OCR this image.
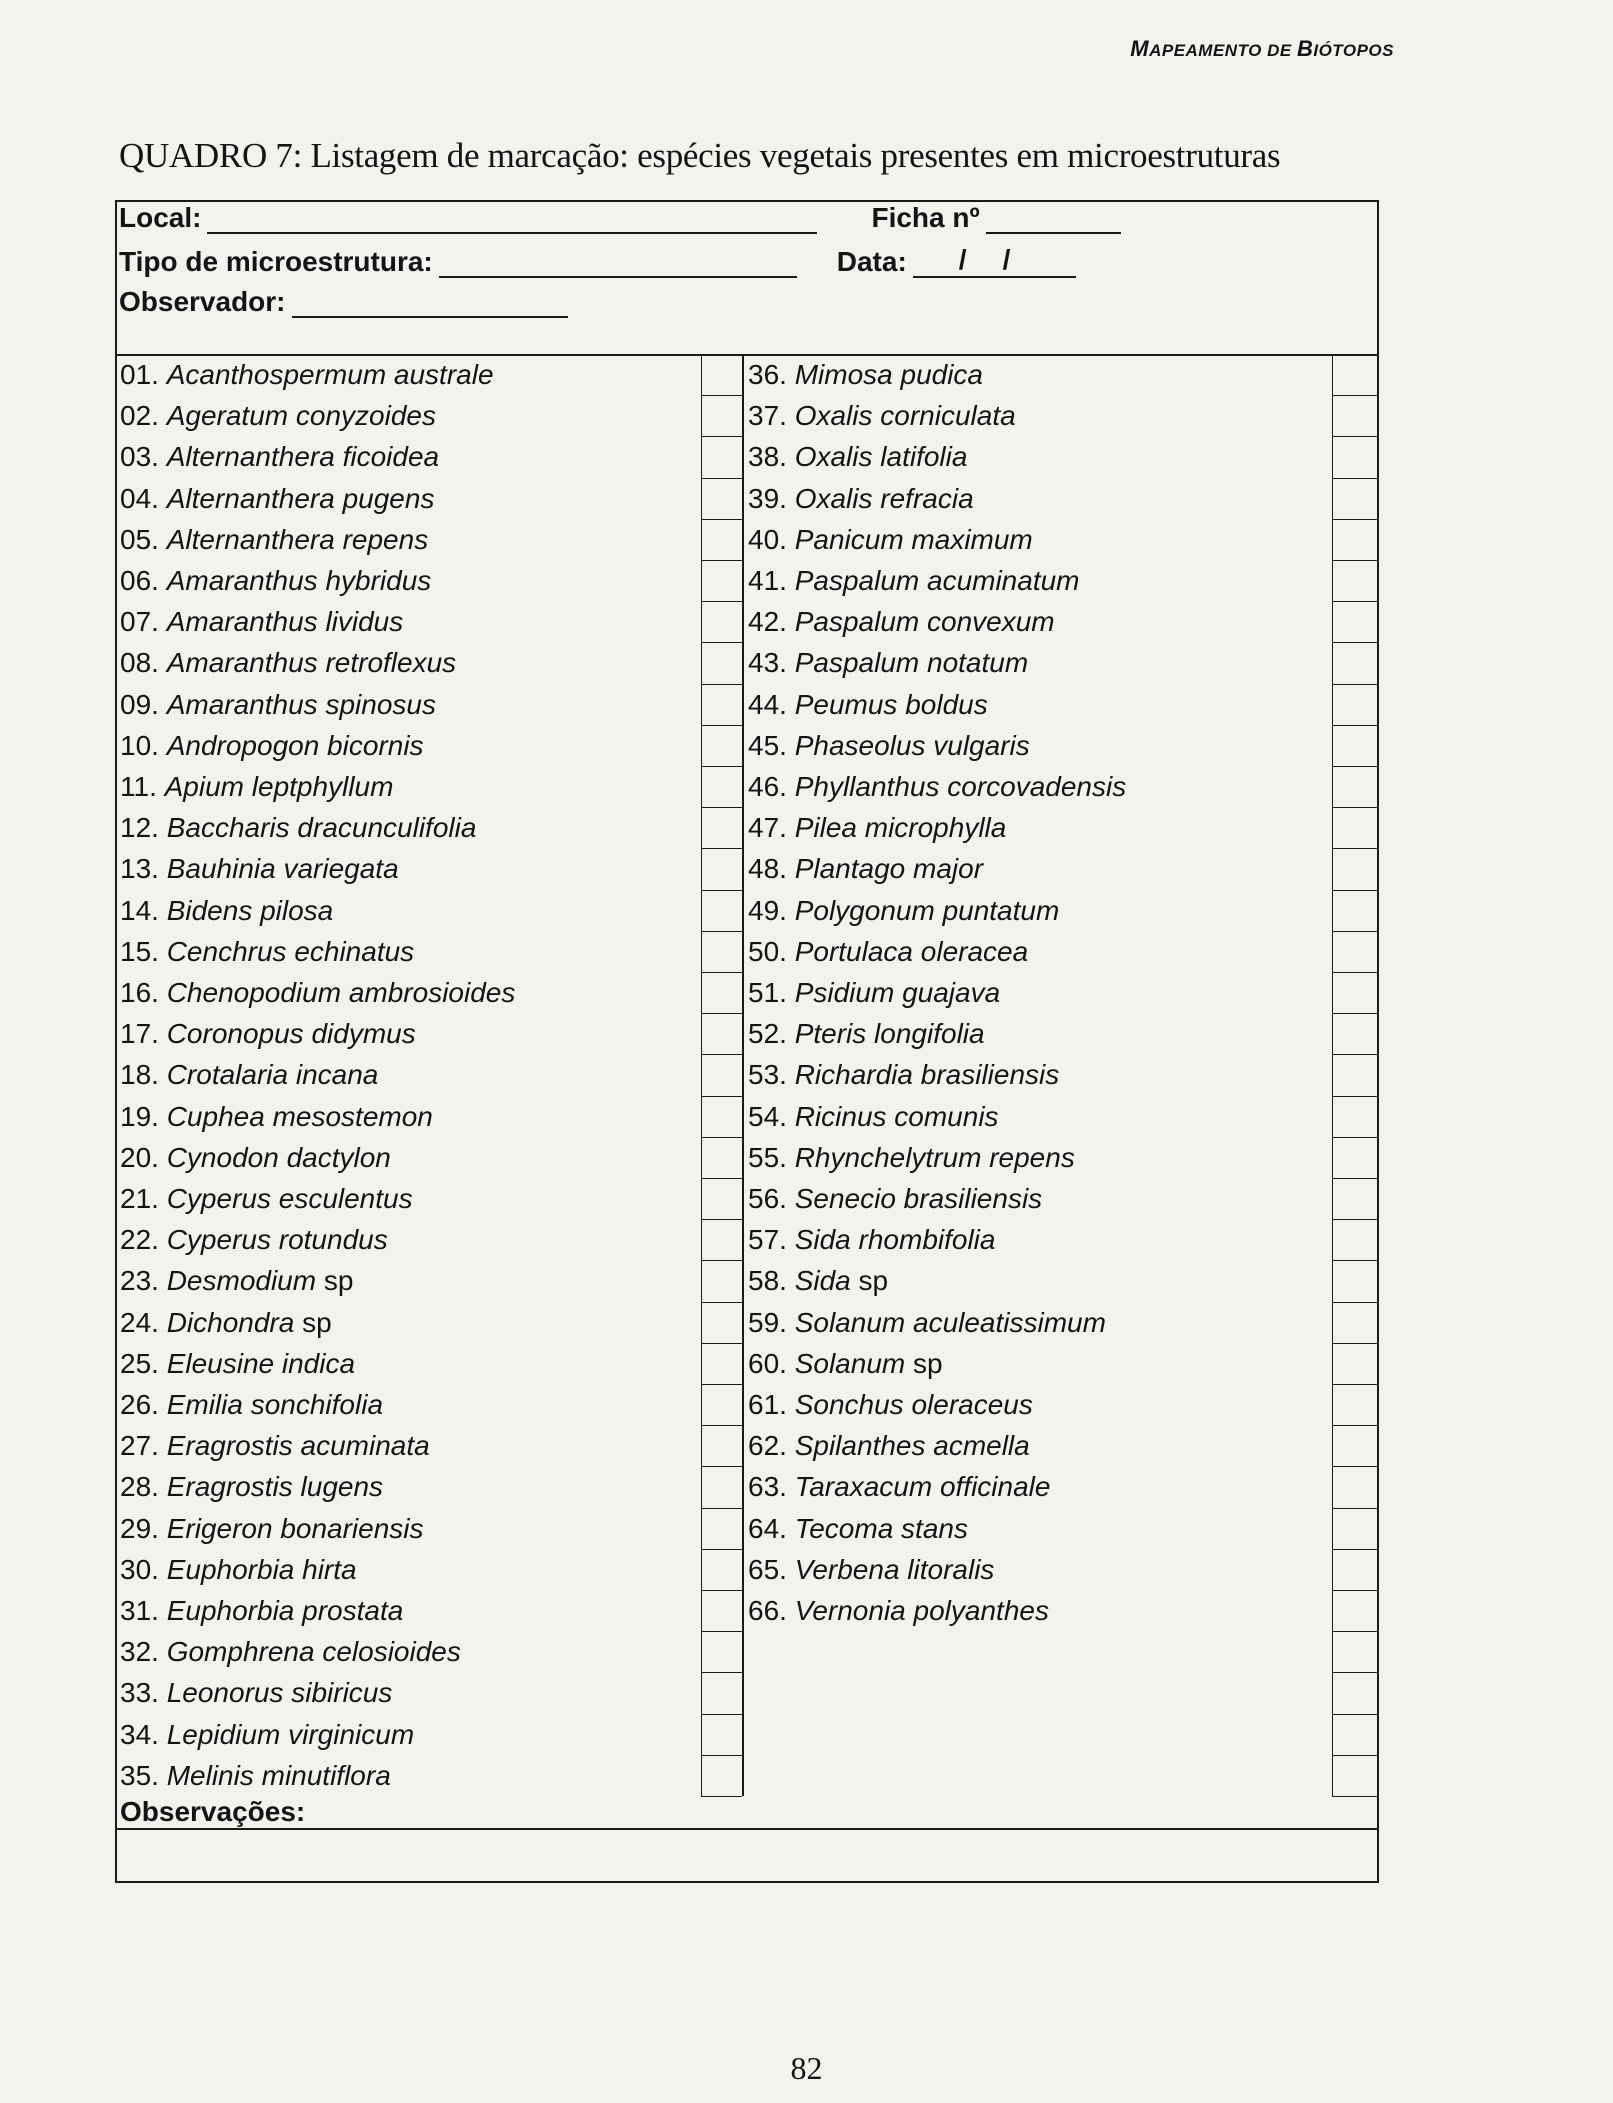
MAPEAMENTO DE BIÓTOPOS
QUADRO 7: Listagem de marcação: espécies vegetais presentes em microestruturas
Local:	Ficha nº
Tipo de microestrutura:	Data: / /
Observador:
01. Acanthospermum australe
02. Ageratum conyzoides
03. Alternanthera ficoidea
04. Alternanthera pugens
05. Alternanthera repens
06. Amaranthus hybridus
07. Amaranthus lividus
08. Amaranthus retroflexus
09. Amaranthus spinosus
10. Andropogon bicornis
11. Apium leptphyllum
12. Baccharis dracunculifolia
13. Bauhinia variegata
14. Bidens pilosa
15. Cenchrus echinatus
16. Chenopodium ambrosioides
17. Coronopus didymus
18. Crotalaria incana
19. Cuphea mesostemon
20. Cynodon dactylon
21. Cyperus esculentus
22. Cyperus rotundus
23. Desmodium sp
24. Dichondra sp
25. Eleusine indica
26. Emilia sonchifolia
27. Eragrostis acuminata
28. Eragrostis lugens
29. Erigeron bonariensis
30. Euphorbia hirta
31. Euphorbia prostata
32. Gomphrena celosioides
33. Leonorus sibiricus
34. Lepidium virginicum
35. Melinis minutiflora
36. Mimosa pudica
37. Oxalis corniculata
38. Oxalis latifolia
39. Oxalis refracia
40. Panicum maximum
41. Paspalum acuminatum
42. Paspalum convexum
43. Paspalum notatum
44. Peumus boldus
45. Phaseolus vulgaris
46. Phyllanthus corcovadensis
47. Pilea microphylla
48. Plantago major
49. Polygonum puntatum
50. Portulaca oleracea
51. Psidium guajava
52. Pteris longifolia
53. Richardia brasiliensis
54. Ricinus comunis
55. Rhynchelytrum repens
56. Senecio brasiliensis
57. Sida rhombifolia
58. Sida sp
59. Solanum aculeatissimum
60. Solanum sp
61. Sonchus oleraceus
62. Spilanthes acmella
63. Taraxacum officinale
64. Tecoma stans
65. Verbena litoralis
66. Vernonia polyanthes
Observações:
82
